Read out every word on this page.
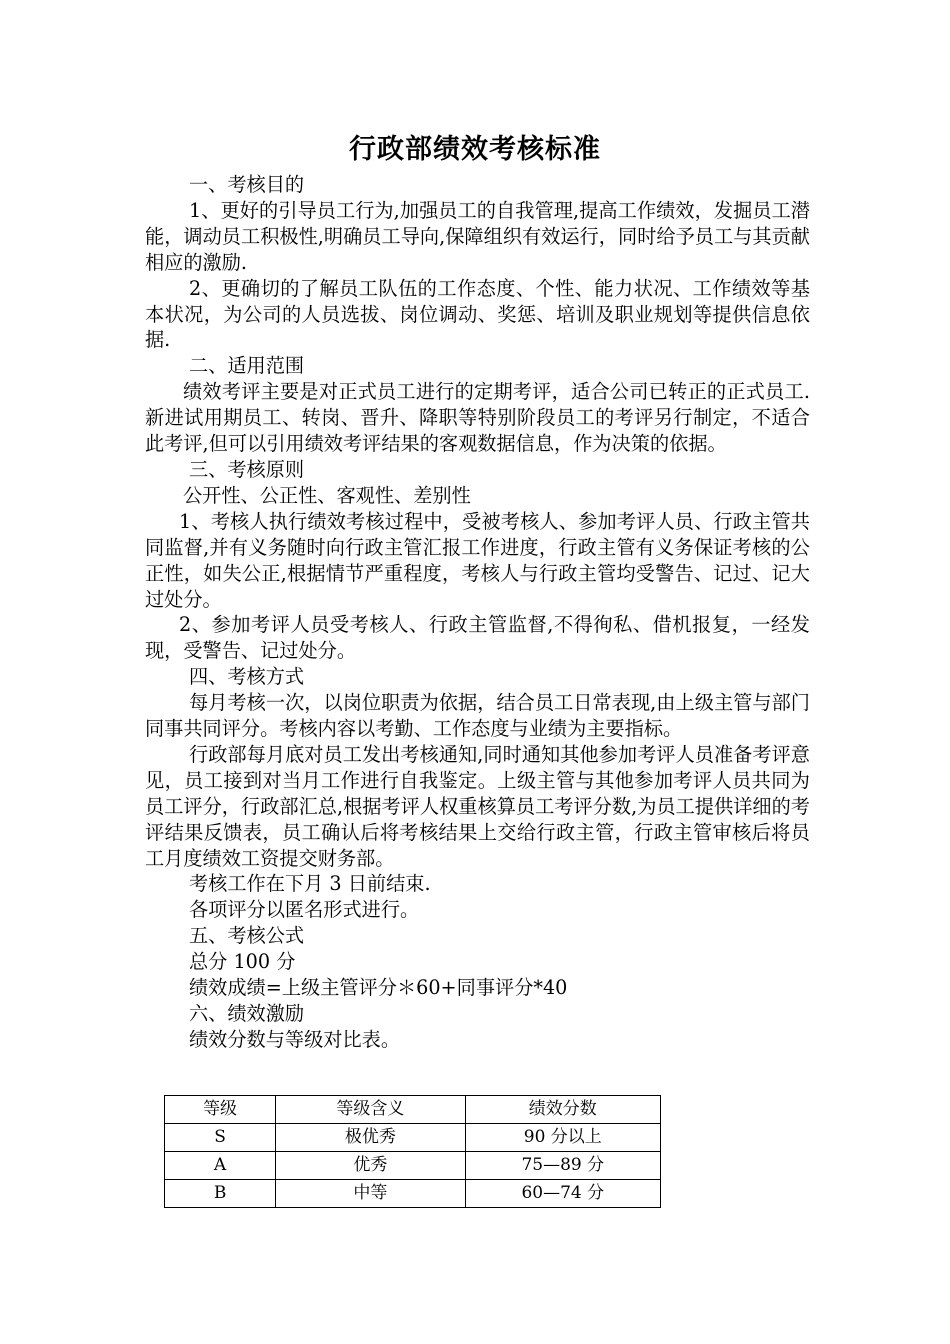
行政部绩效考核标准

一、考核目的

1、更好的引导员工行为,加强员工的自我管理,提高工作绩效，发掘员工潜能，调动员工积极性,明确员工导向,保障组织有效运行，同时给予员工与其贡献相应的激励.

2、更确切的了解员工队伍的工作态度、个性、能力状况、工作绩效等基本状况，为公司的人员选拔、岗位调动、奖惩、培训及职业规划等提供信息依据.

二、适用范围

绩效考评主要是对正式员工进行的定期考评，适合公司已转正的正式员工.新进试用期员工、转岗、晋升、降职等特别阶段员工的考评另行制定，不适合此考评,但可以引用绩效考评结果的客观数据信息，作为决策的依据。

三、考核原则

公开性、公正性、客观性、差别性

1、考核人执行绩效考核过程中，受被考核人、参加考评人员、行政主管共同监督,并有义务随时向行政主管汇报工作进度，行政主管有义务保证考核的公正性，如失公正,根据情节严重程度，考核人与行政主管均受警告、记过、记大过处分。

2、参加考评人员受考核人、行政主管监督,不得徇私、借机报复，一经发现，受警告、记过处分。

四、考核方式

每月考核一次，以岗位职责为依据，结合员工日常表现,由上级主管与部门同事共同评分。考核内容以考勤、工作态度与业绩为主要指标。

行政部每月底对员工发出考核通知,同时通知其他参加考评人员准备考评意见，员工接到对当月工作进行自我鉴定。上级主管与其他参加考评人员共同为员工评分，行政部汇总,根据考评人权重核算员工考评分数,为员工提供详细的考评结果反馈表，员工确认后将考核结果上交给行政主管，行政主管审核后将员工月度绩效工资提交财务部。

考核工作在下月 3 日前结束.

各项评分以匿名形式进行。

五、考核公式

总分 100 分

绩效成绩=上级主管评分＊60+同事评分*40

六、绩效激励

绩效分数与等级对比表。

等级	等级含义	绩效分数
S	极优秀	90 分以上
A	优秀	75—89 分
B	中等	60—74 分
